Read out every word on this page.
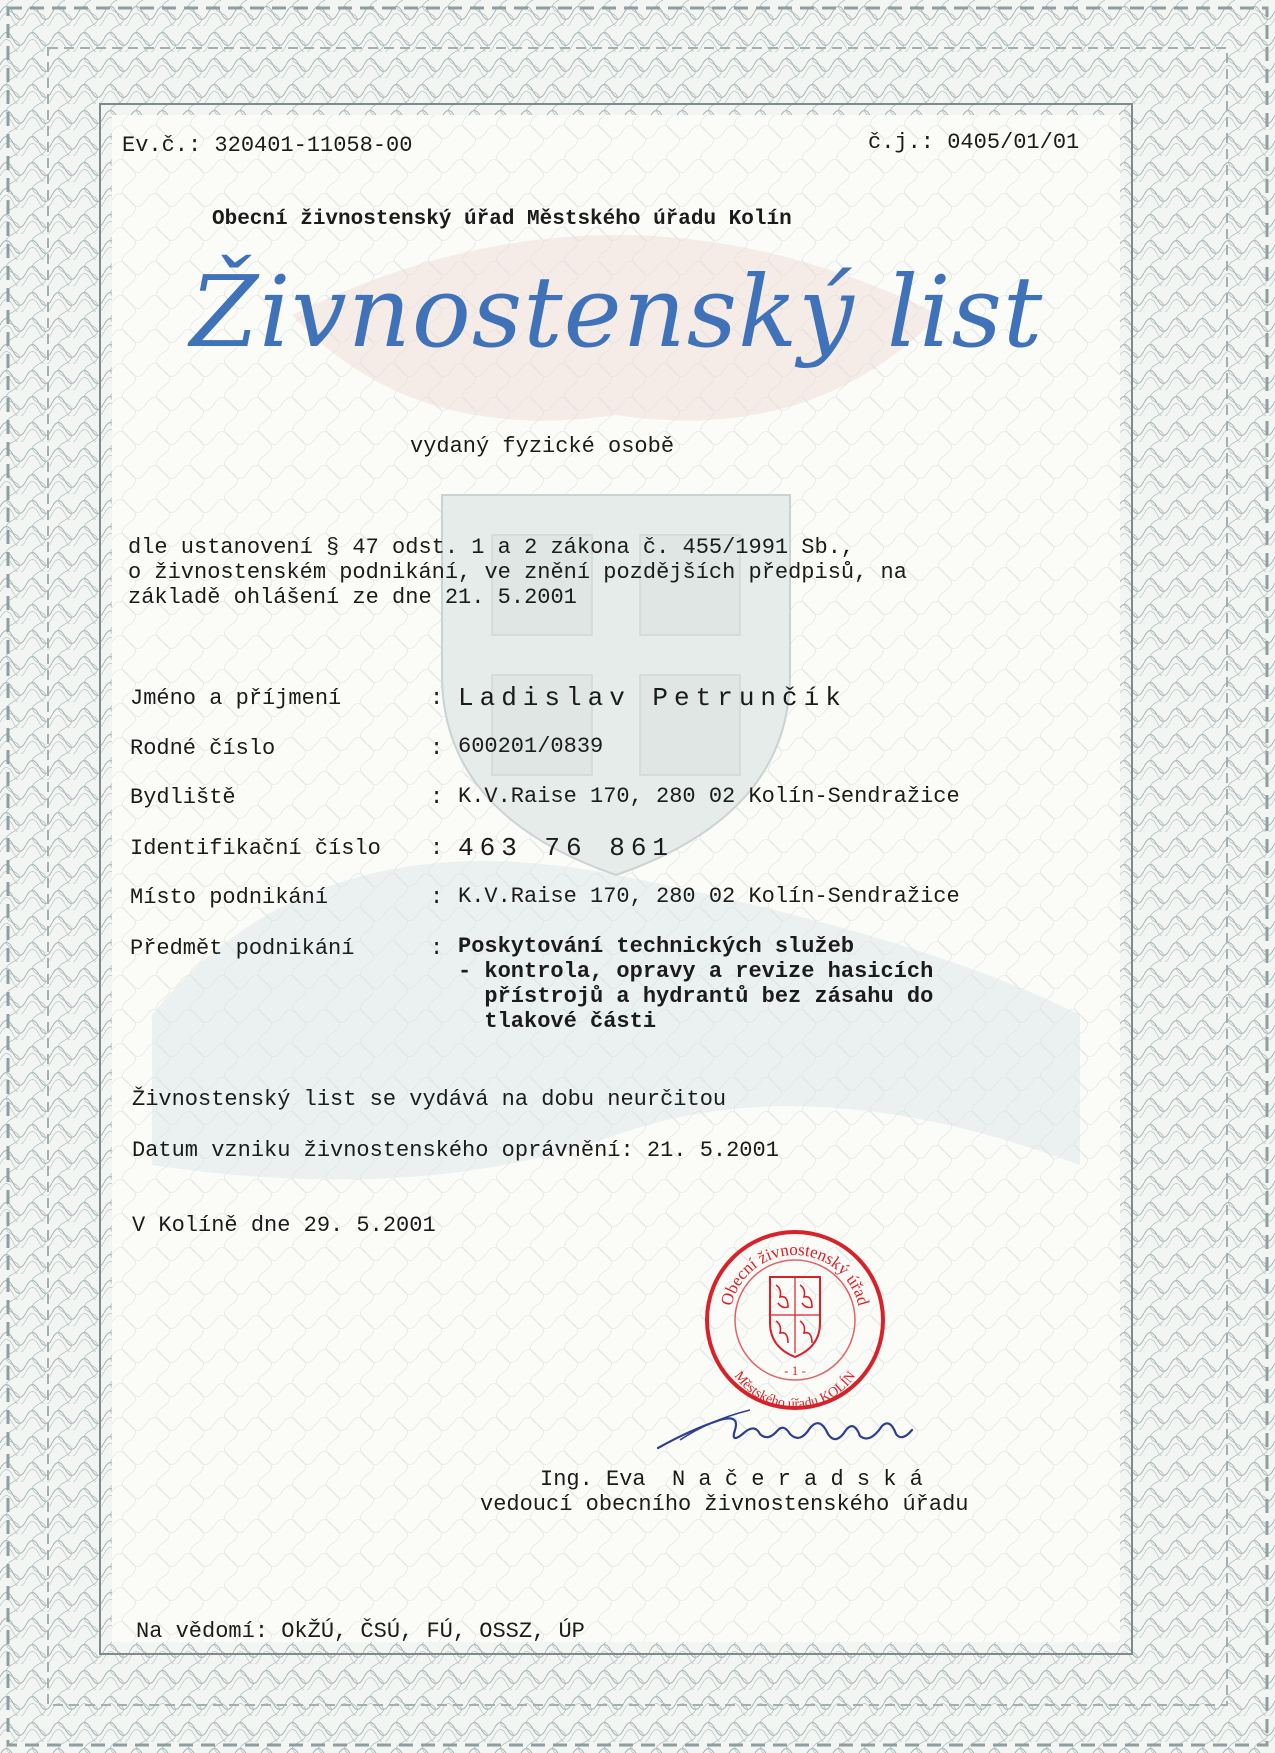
Ev.č.: 320401-11058-00	č.j.: 0405/01/01
Obecní živnostenský úřad Městského úřadu Kolín
Živnostenský list
vydaný fyzické osobě
dle ustanovení § 47 odst. 1 a 2 zákona č. 455/1991 Sb.,
o živnostenském podnikání, ve znění pozdějších předpisů, na
základě ohlášení ze dne 21. 5.2001
Jméno a příjmení	: Ladislav Petrunčík
Rodné číslo	: 600201/0839
Bydliště	: K.V.Raise 170, 280 02 Kolín-Sendražice
Identifikační číslo : 463 76 861
Místo podnikání	: K.V.Raise 170, 280 02 Kolín-Sendražice
Předmět podnikání	: Poskytování technických služeb
- kontrola, opravy a revize hasicích
přístrojů a hydrantů bez zásahu do
tlakové části
Živnostenský list se vydává na dobu neurčitou
Datum vzniku živnostenského oprávnění: 21. 5.2001
V Kolíně dne 29. 5.2001
Obecní živnostenský úřad
Městského úřadu KOLÍN
- 1 -
Ing. Eva  N a č e r a d s k á
vedoucí obecního živnostenského úřadu
Na vědomí: OkŽÚ, ČSÚ, FÚ, OSSZ, ÚP
